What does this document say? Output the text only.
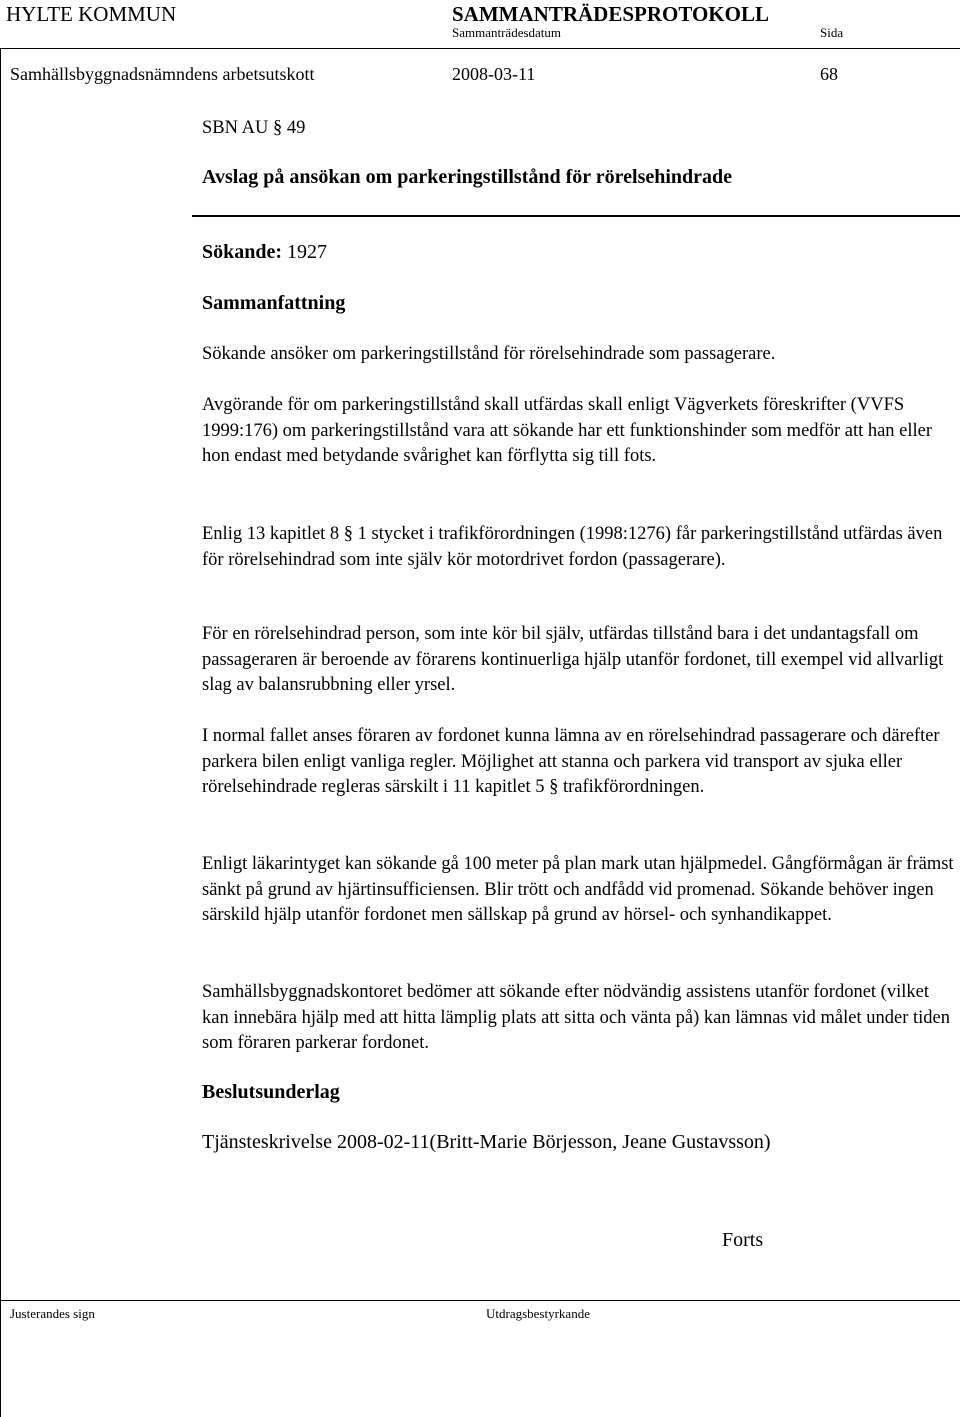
HYLTE KOMMUN	SAMMANTRÄDESPROTOKOLL
Sammanträdesdatum	Sida
Samhällsbyggnadsnämndens arbetsutskott	2008-03-11	68

SBN AU § 49

Avslag på ansökan om parkeringstillstånd för rörelsehindrade

Sökande: 1927

Sammanfattning

Sökande ansöker om parkeringstillstånd för rörelsehindrade som passagerare.

Avgörande för om parkeringstillstånd skall utfärdas skall enligt Vägverkets föreskrifter (VVFS 1999:176) om parkeringstillstånd vara att sökande har ett funktionshinder som medför att han eller hon endast med betydande svårighet kan förflytta sig till fots.

Enlig 13 kapitlet 8 § 1 stycket i trafikförordningen (1998:1276) får parkeringstillstånd utfärdas även för rörelsehindrad som inte själv kör motordrivet fordon (passagerare).

För en rörelsehindrad person, som inte kör bil själv, utfärdas tillstånd bara i det undantagsfall om passageraren är beroende av förarens kontinuerliga hjälp utanför fordonet, till exempel vid allvarligt slag av balansrubbning eller yrsel.

I normal fallet anses föraren av fordonet kunna lämna av en rörelsehindrad passagerare och därefter parkera bilen enligt vanliga regler. Möjlighet att stanna och parkera vid transport av sjuka eller rörelsehindrade regleras särskilt i 11 kapitlet 5 § trafikförordningen.

Enligt läkarintyget kan sökande gå 100 meter på plan mark utan hjälpmedel. Gångförmågan är främst sänkt på grund av hjärtinsufficiensen. Blir trött och andfådd vid promenad. Sökande behöver ingen särskild hjälp utanför fordonet men sällskap på grund av hörsel- och synhandikappet.

Samhällsbyggnadskontoret bedömer att sökande efter nödvändig assistens utanför fordonet (vilket kan innebära hjälp med att hitta lämplig plats att sitta och vänta på) kan lämnas vid målet under tiden som föraren parkerar fordonet.

Beslutsunderlag

Tjänsteskrivelse 2008-02-11(Britt-Marie Börjesson, Jeane Gustavsson)

Forts
Justerandes sign	Utdragsbestyrkande
